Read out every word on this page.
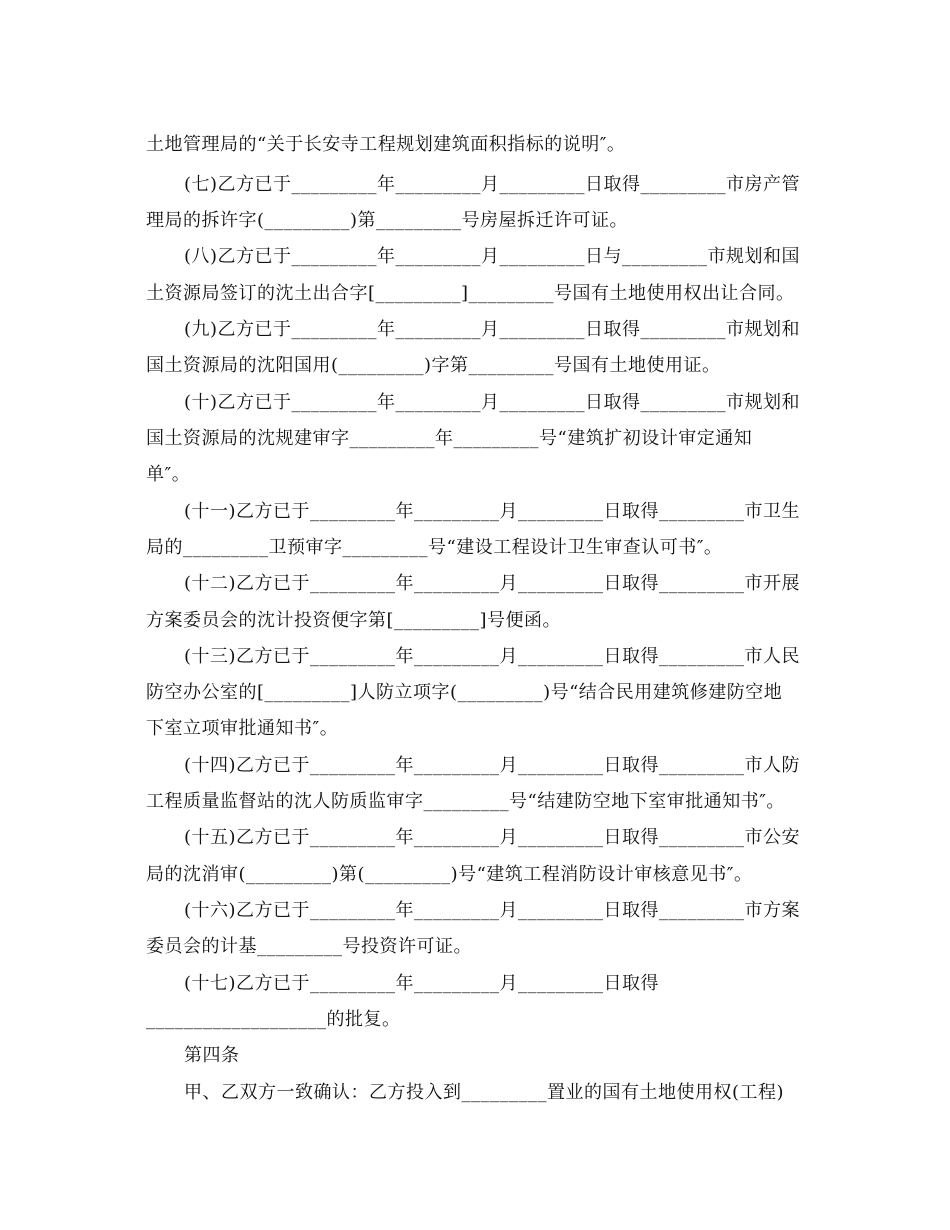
土地管理局的“关于长安寺工程规划建筑面积指标的说明″。
(七)乙方已于_________年_________月_________日取得_________市房产管
理局的拆许字(_________)第_________号房屋拆迁许可证。
(八)乙方已于_________年_________月_________日与_________市规划和国
土资源局签订的沈土出合字[_________]_________号国有土地使用权出让合同。
(九)乙方已于_________年_________月_________日取得_________市规划和
国土资源局的沈阳国用(_________)字第_________号国有土地使用证。
(十)乙方已于_________年_________月_________日取得_________市规划和
国土资源局的沈规建审字_________年_________号“建筑扩初设计审定通知
单″。
(十一)乙方已于_________年_________月_________日取得_________市卫生
局的_________卫预审字_________号“建设工程设计卫生审查认可书″。
(十二)乙方已于_________年_________月_________日取得_________市开展
方案委员会的沈计投资便字第[_________]号便函。
(十三)乙方已于_________年_________月_________日取得_________市人民
防空办公室的[_________]人防立项字(_________)号“结合民用建筑修建防空地
下室立项审批通知书″。
(十四)乙方已于_________年_________月_________日取得_________市人防
工程质量监督站的沈人防质监审字_________号“结建防空地下室审批通知书″。
(十五)乙方已于_________年_________月_________日取得_________市公安
局的沈消审(_________)第(_________)号“建筑工程消防设计审核意见书″。
(十六)乙方已于_________年_________月_________日取得_________市方案
委员会的计基_________号投资许可证。
(十七)乙方已于_________年_________月_________日取得
___________________的批复。
第四条
甲、乙双方一致确认：乙方投入到_________置业的国有土地使用权(工程)
